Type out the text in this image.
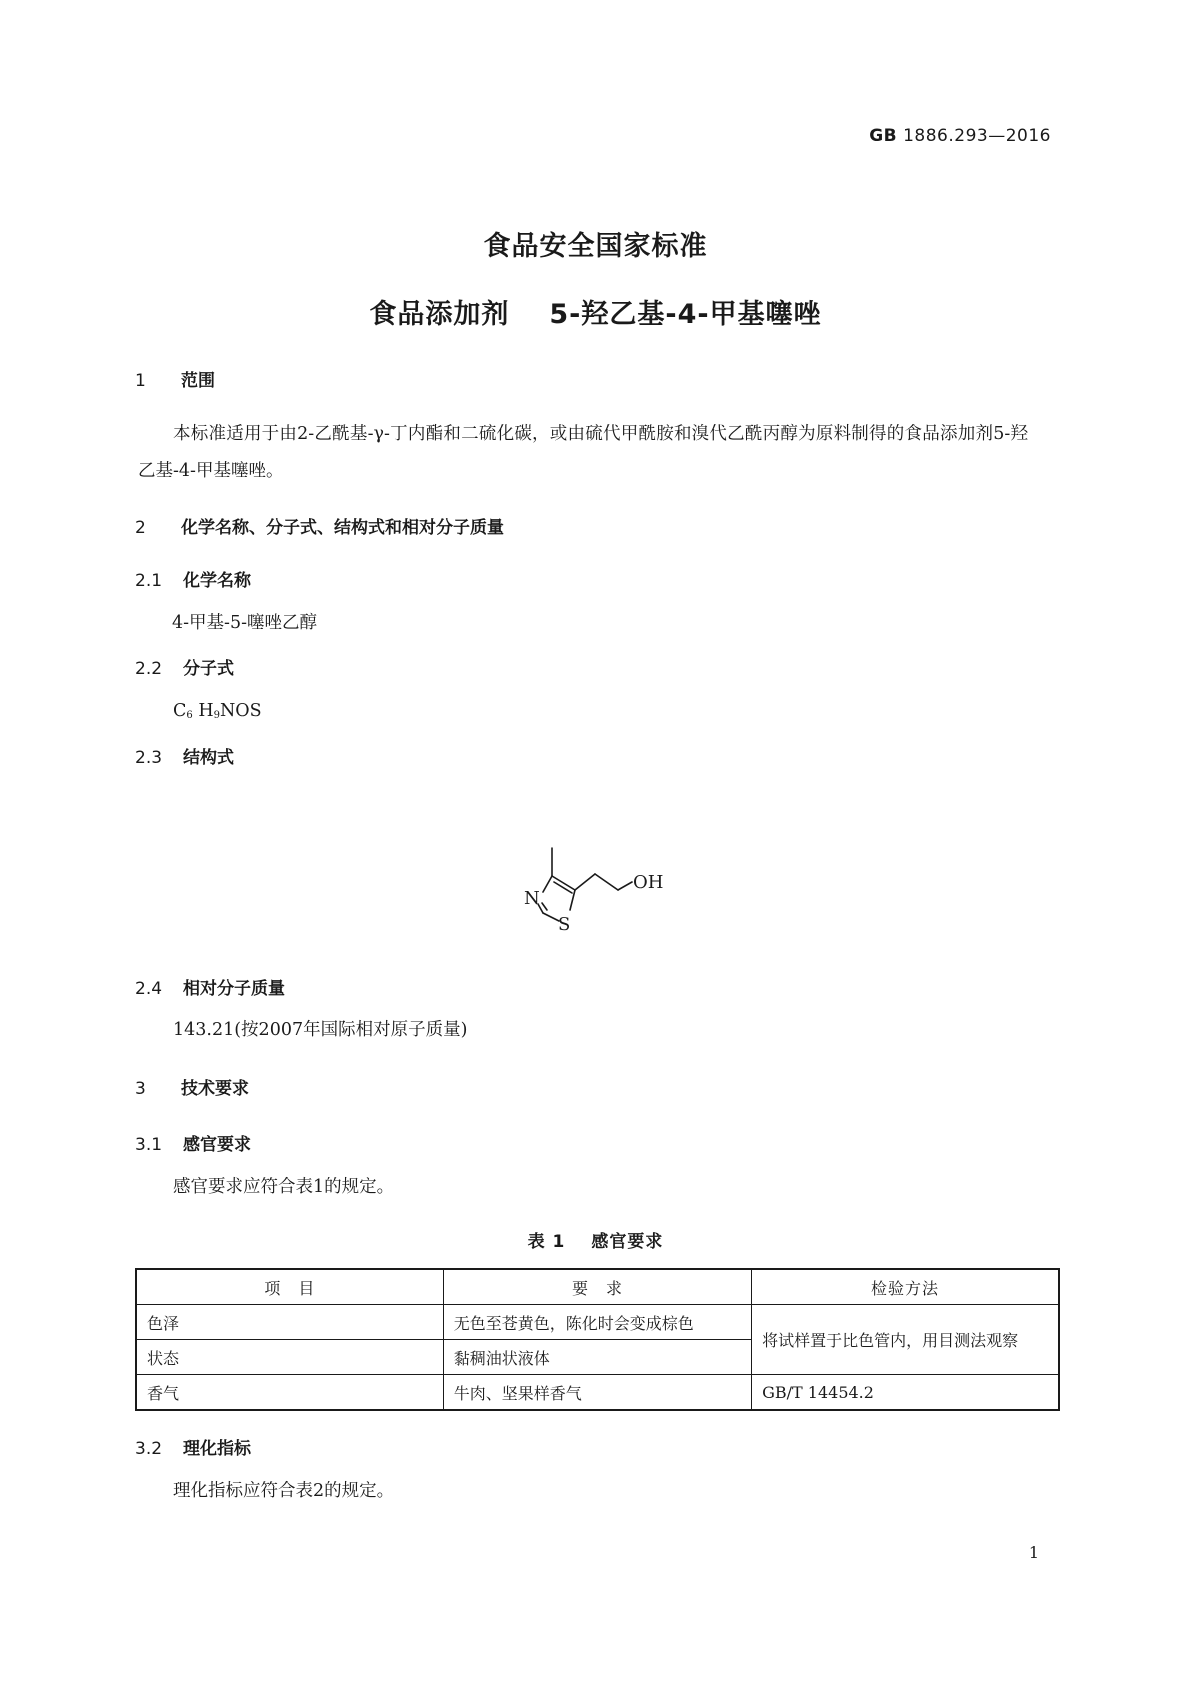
GB 1886.293—2016
食品安全国家标准
食品添加剂 5-羟乙基-4-甲基噻唑
1 范围
本标准适用于由2-乙酰基-γ-丁内酯和二硫化碳，或由硫代甲酰胺和溴代乙酰丙醇为原料制得的食品添加剂5-羟乙基-4-甲基噻唑。
2 化学名称、分子式、结构式和相对分子质量
2.1 化学名称
4-甲基-5-噻唑乙醇
2.2 分子式
$C_6$ $H_9NOS$
2.3 结构式
N
S
OH
2.4 相对分子质量
143.21(按2007年国际相对原子质量)
3 技术要求
3.1 感官要求
感官要求应符合表1的规定。
表 1 感官要求
项　目	要　求	检验方法
色泽	无色至苍黄色，陈化时会变成棕色	将试样置于比色管内，用目测法观察
状态	黏稠油状液体	
香气	牛肉、坚果样香气	GB/T 14454.2
3.2 理化指标
理化指标应符合表2的规定。
1
